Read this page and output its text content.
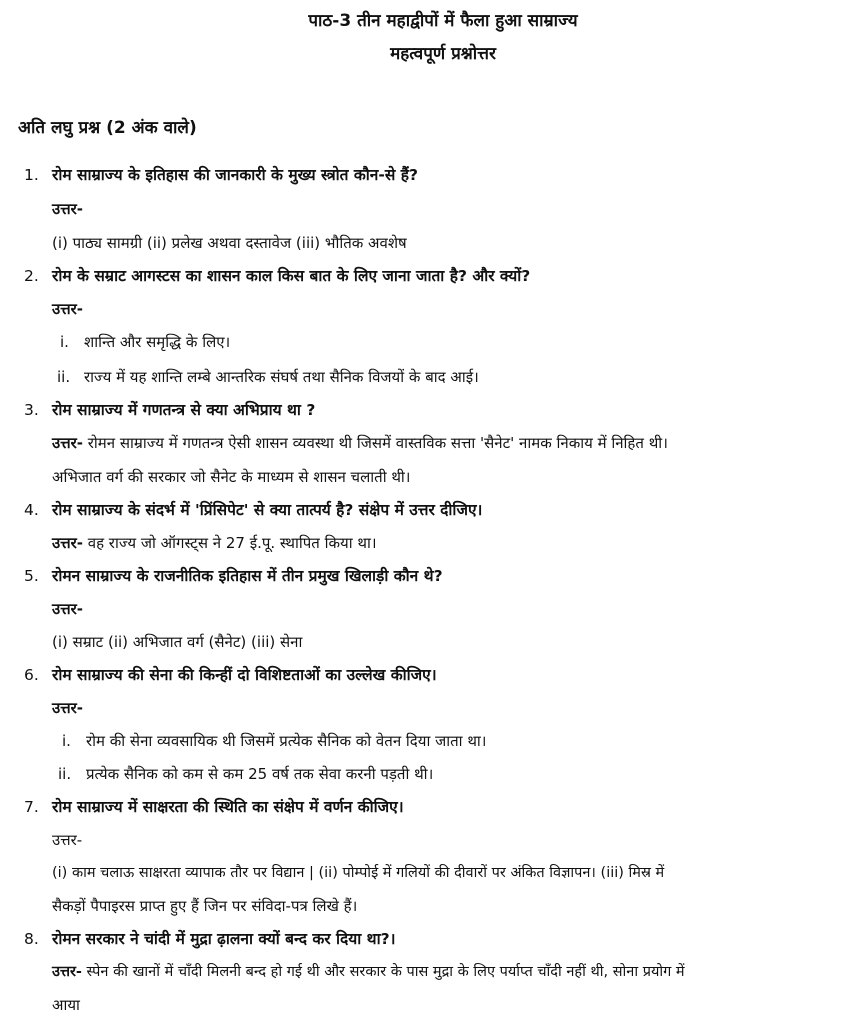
पाठ-3 तीन महाद्वीपों में फैला हुआ साम्राज्य
महत्वपूर्ण प्रश्नोत्तर
अति लघु प्रश्न (2 अंक वाले)
1. रोम साम्राज्य के इतिहास की जानकारी के मुख्य स्त्रोत कौन-से हैं?
उत्तर-
(i) पाठ्य सामग्री (ii) प्रलेख अथवा दस्तावेज (iii) भौतिक अवशेष
2. रोम के सम्राट आगस्टस का शासन काल किस बात के लिए जाना जाता है? और क्यों?
उत्तर-
i. शान्ति और समृद्धि के लिए।
ii. राज्य में यह शान्ति लम्बे आन्तरिक संघर्ष तथा सैनिक विजयों के बाद आई।
3. रोम साम्राज्य में गणतन्त्र से क्या अभिप्राय था ?
उत्तर- रोमन साम्राज्य में गणतन्त्र ऐसी शासन व्यवस्था थी जिसमें वास्तविक सत्ता 'सैनेट' नामक निकाय में निहित थी।
अभिजात वर्ग की सरकार जो सैनेट के माध्यम से शासन चलाती थी।
4. रोम साम्राज्य के संदर्भ में 'प्रिंसिपेट' से क्या तात्पर्य है? संक्षेप में उत्तर दीजिए।
उत्तर- वह राज्य जो ऑगस्ट्स ने 27 ई.पू. स्थापित किया था।
5. रोमन साम्राज्य के राजनीतिक इतिहास में तीन प्रमुख खिलाड़ी कौन थे?
उत्तर-
(i) सम्राट (ii) अभिजात वर्ग (सैनेट) (iii) सेना
6. रोम साम्राज्य की सेना की किन्हीं दो विशिष्टताओं का उल्लेख कीजिए।
उत्तर-
i. रोम की सेना व्यवसायिक थी जिसमें प्रत्येक सैनिक को वेतन दिया जाता था।
ii. प्रत्येक सैनिक को कम से कम 25 वर्ष तक सेवा करनी पड़ती थी।
7. रोम साम्राज्य में साक्षरता की स्थिति का संक्षेप में वर्णन कीजिए।
उत्तर-
(i) काम चलाऊ साक्षरता व्यापाक तौर पर विद्यान | (ii) पोम्पोई में गलियों की दीवारों पर अंकित विज्ञापन। (iii) मिस्र में
सैकड़ों पैपाइरस प्राप्त हुए हैं जिन पर संविदा-पत्र लिखे हैं।
8. रोमन सरकार ने चांदी में मुद्रा ढ़ालना क्यों बन्द कर दिया था?।
उत्तर- स्पेन की खानों में चाँदी मिलनी बन्द हो गई थी और सरकार के पास मुद्रा के लिए पर्याप्त चाँदी नहीं थी, सोना प्रयोग में
आया
